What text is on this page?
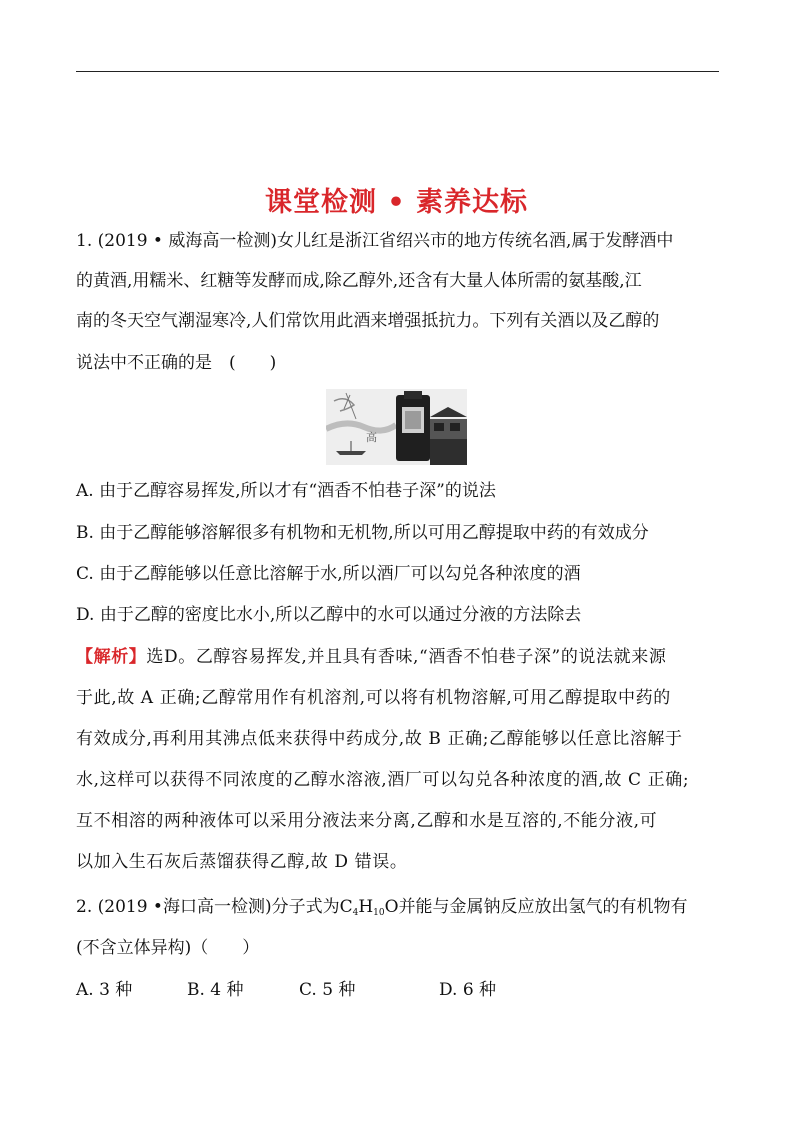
课堂检测 • 素养达标
1. (2019 • 威海高一检测)女儿红是浙江省绍兴市的地方传统名酒,属于发酵酒中
的黄酒,用糯米、红糖等发酵而成,除乙醇外,还含有大量人体所需的氨基酸,江
南的冬天空气潮湿寒冷,人们常饮用此酒来增强抵抗力。下列有关酒以及乙醇的
说法中不正确的是　(　　)
高
A. 由于乙醇容易挥发,所以才有“酒香不怕巷子深”的说法
B. 由于乙醇能够溶解很多有机物和无机物,所以可用乙醇提取中药的有效成分
C. 由于乙醇能够以任意比溶解于水,所以酒厂可以勾兑各种浓度的酒
D. 由于乙醇的密度比水小,所以乙醇中的水可以通过分液的方法除去
【解析】选D。乙醇容易挥发,并且具有香味,“酒香不怕巷子深”的说法就来源
于此,故 A 正确;乙醇常用作有机溶剂,可以将有机物溶解,可用乙醇提取中药的
有效成分,再利用其沸点低来获得中药成分,故 B 正确;乙醇能够以任意比溶解于
水,这样可以获得不同浓度的乙醇水溶液,酒厂可以勾兑各种浓度的酒,故 C 正确;
互不相溶的两种液体可以采用分液法来分离,乙醇和水是互溶的,不能分液,可
以加入生石灰后蒸馏获得乙醇,故 D 错误。
2. (2019 •海口高一检测)分子式为$C_4H_{10}O$并能与金属钠反应放出氢气的有机物有
(不含立体异构)（　　）
A. 3 种	B. 4 种	C. 5 种	D. 6 种
